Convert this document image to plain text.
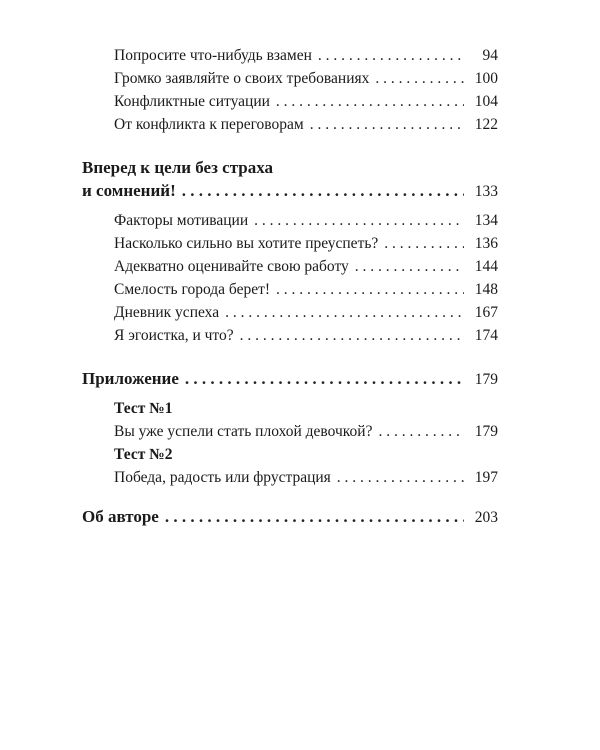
Попросите что-нибудь взамен . . .	94
Громко заявляйте о своих требованиях . . .	100
Конфликтные ситуации . . .	104
От конфликта к переговорам . . .	122
Вперед к цели без страха
и сомнений! . . .	133
Факторы мотивации . . .	134
Насколько сильно вы хотите преуспеть? . . .	136
Адекватно оценивайте свою работу . . .	144
Смелость города берет! . . .	148
Дневник успеха . . .	167
Я эгоистка, и что? . . .	174
Приложение . . .	179
Тест №1
Вы уже успели стать плохой девочкой? . . .	179
Тест №2
Победа, радость или фрустрация . . .	197
Об авторе . . .	203
